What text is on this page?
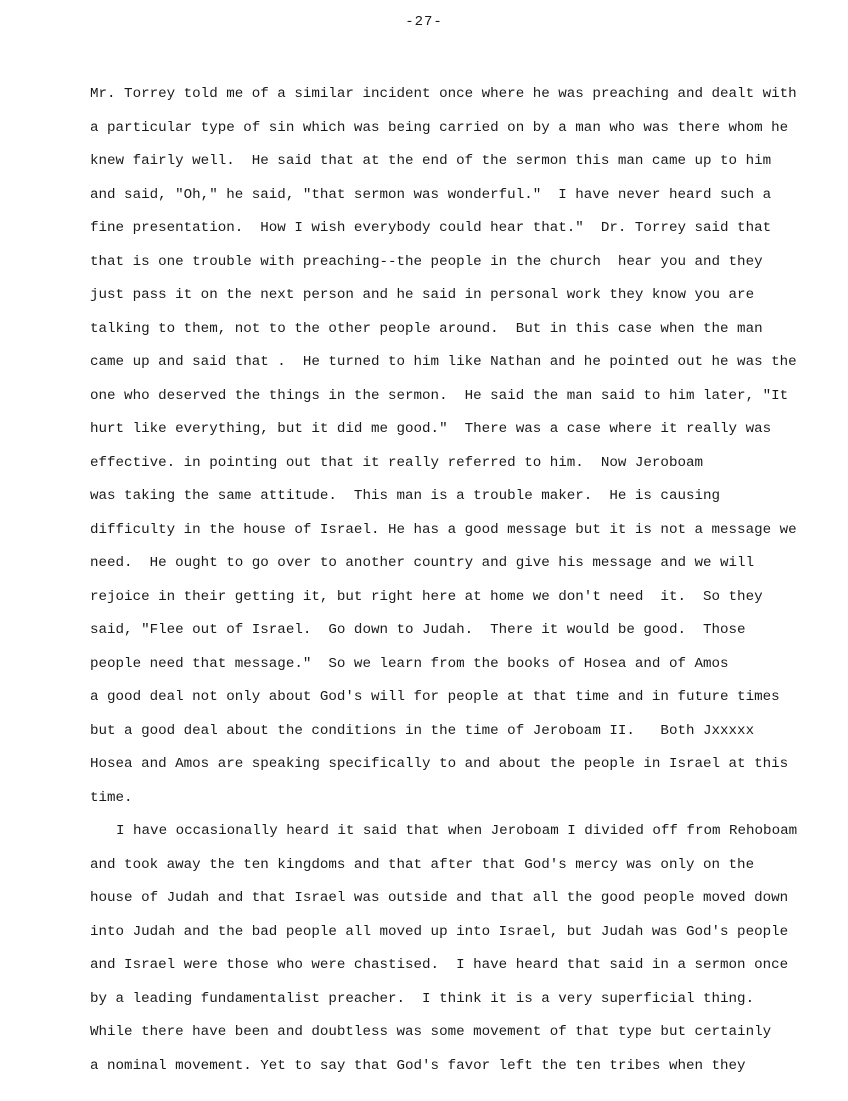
-27-
Mr. Torrey told me of a similar incident once where he was preaching and dealt with
a particular type of sin which was being carried on by a man who was there whom he
knew fairly well.  He said that at the end of the sermon this man came up to him
and said, "Oh," he said, "that sermon was wonderful."  I have never heard such a
fine presentation.  How I wish everybody could hear that."  Dr. Torrey said that
that is one trouble with preaching--the people in the church  hear you and they
just pass it on the next person and he said in personal work they know you are
talking to them, not to the other people around.  But in this case when the man
came up and said that .  He turned to him like Nathan and he pointed out he was the
one who deserved the things in the sermon.  He said the man said to him later, "It
hurt like everything, but it did me good."  There was a case where it really was
effective. in pointing out that it really referred to him.  Now Jeroboam
was taking the same attitude.  This man is a trouble maker.  He is causing
difficulty in the house of Israel. He has a good message but it is not a message we
need.  He ought to go over to another country and give his message and we will
rejoice in their getting it, but right here at home we don't need  it.  So they
said, "Flee out of Israel.  Go down to Judah.  There it would be good.  Those
people need that message."  So we learn from the books of Hosea and of Amos
a good deal not only about God's will for people at that time and in future times
but a good deal about the conditions in the time of Jeroboam II.   Both Jxxxxx
Hosea and Amos are speaking specifically to and about the people in Israel at this
time.
I have occasionally heard it said that when Jeroboam I divided off from Rehoboam
and took away the ten kingdoms and that after that God's mercy was only on the
house of Judah and that Israel was outside and that all the good people moved down
into Judah and the bad people all moved up into Israel, but Judah was God's people
and Israel were those who were chastised.  I have heard that said in a sermon once
by a leading fundamentalist preacher.  I think it is a very superficial thing.
While there have been and doubtless was some movement of that type but certainly
a nominal movement. Yet to say that God's favor left the ten tribes when they
